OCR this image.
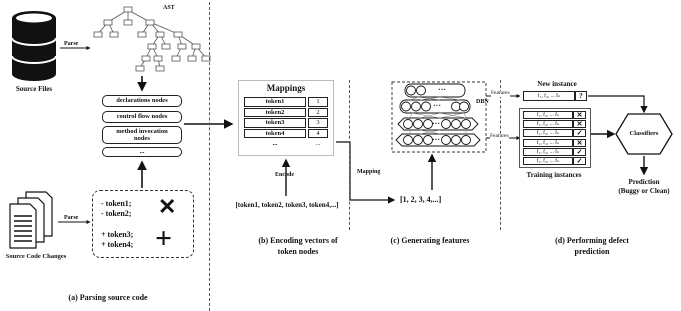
Source Files
Parse
AST
Source Code Changes
Parse
declarations nodes
control flow nodes
method invocation
nodes
...
- token1;
- token2; ✕
+ token3;
+ token4; +
Mappings
token1	1
token2	2
token3	3
token4	4
...	...
Encode
[token1, token2, token3, token4,...]
Mapping
[1, 2, 3, 4,...]
DBN
···
···
···
···
Features
Features
New instance
f₁, f₂, ... fₙ	?
f₁, f₂, ... fₙ	✕
f₁, f₂, ... fₙ	✕
f₁, f₂, ... fₙ	✓
f₁, f₂, ... fₙ	✕
f₁, f₂, ... fₙ	✓
f₁, f₂, ... fₙ	✓
Training instances
Classifiers
Prediction
(Buggy or Clean)
(a) Parsing source code
(b) Encoding vectors of
token nodes
(c) Generating features	(d) Performing defect
prediction
